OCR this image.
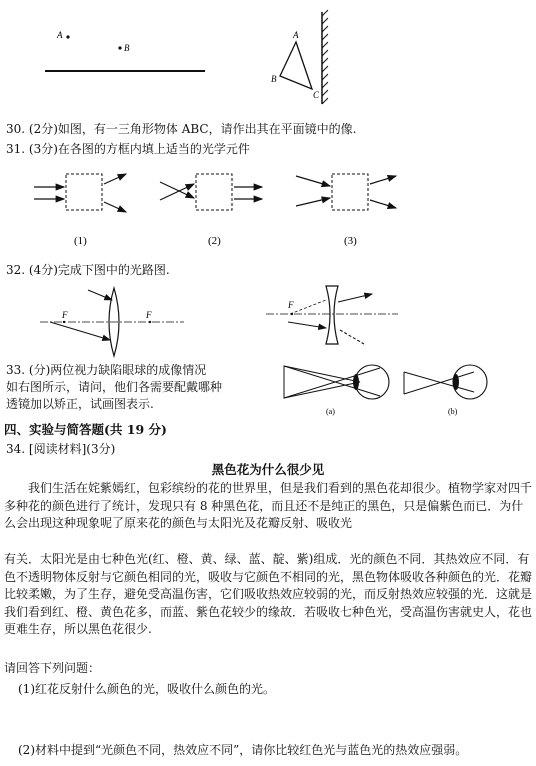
A
B
A
B
C
30. (2分)如图，有一三角形物体 ABC，请作出其在平面镜中的像.
31. (3分)在各图的方框内填上适当的光学元件
(1)	(2)	(3)
32. (4分)完成下图中的光路图.
F	F
F
33. (分)两位视力缺陷眼球的成像情况
如右图所示，请问，他们各需要配戴哪种
透镜加以矫正，试画图表示.
(a)	(b)
四、实验与简答题(共 19 分)
34. [阅读材料](3分)
黑色花为什么很少见
我们生活在姹紫嫣红，包彩缤纷的花的世界里，但是我们看到的黑色花却很少。植物学家对四千多种花的颜色进行了统计，发现只有 8 种黑色花，而且还不是纯正的黑色，只是偏紫色而已．为什么会出现这种现象呢了原来花的颜色与太阳光及花瓣反射、吸收光
有关．太阳光是由七种色光(红、橙、黄、绿、蓝、靛、紫)组成．光的颜色不同．其热效应不同．有色不透明物体反射与它颜色相同的光，吸收与它颜色不相同的光，黑色物体吸收各种颜色的光．花瓣比较柔嫩，为了生存，避免受高温伤害，它们吸收热效应较弱的光，而反射热效应较强的光．这就是我们看到红、橙、黄色花多，而蓝、紫色花较少的缘故．若吸收七种色光，受高温伤害就史人，花也更难生存，所以黑色花很少.
请回答下列问题：
(1)红花反射什么颜色的光，吸收什么颜色的光。
(2)材料中提到“光颜色不同，热效应不同”，请你比较红色光与蓝色光的热效应强弱。
